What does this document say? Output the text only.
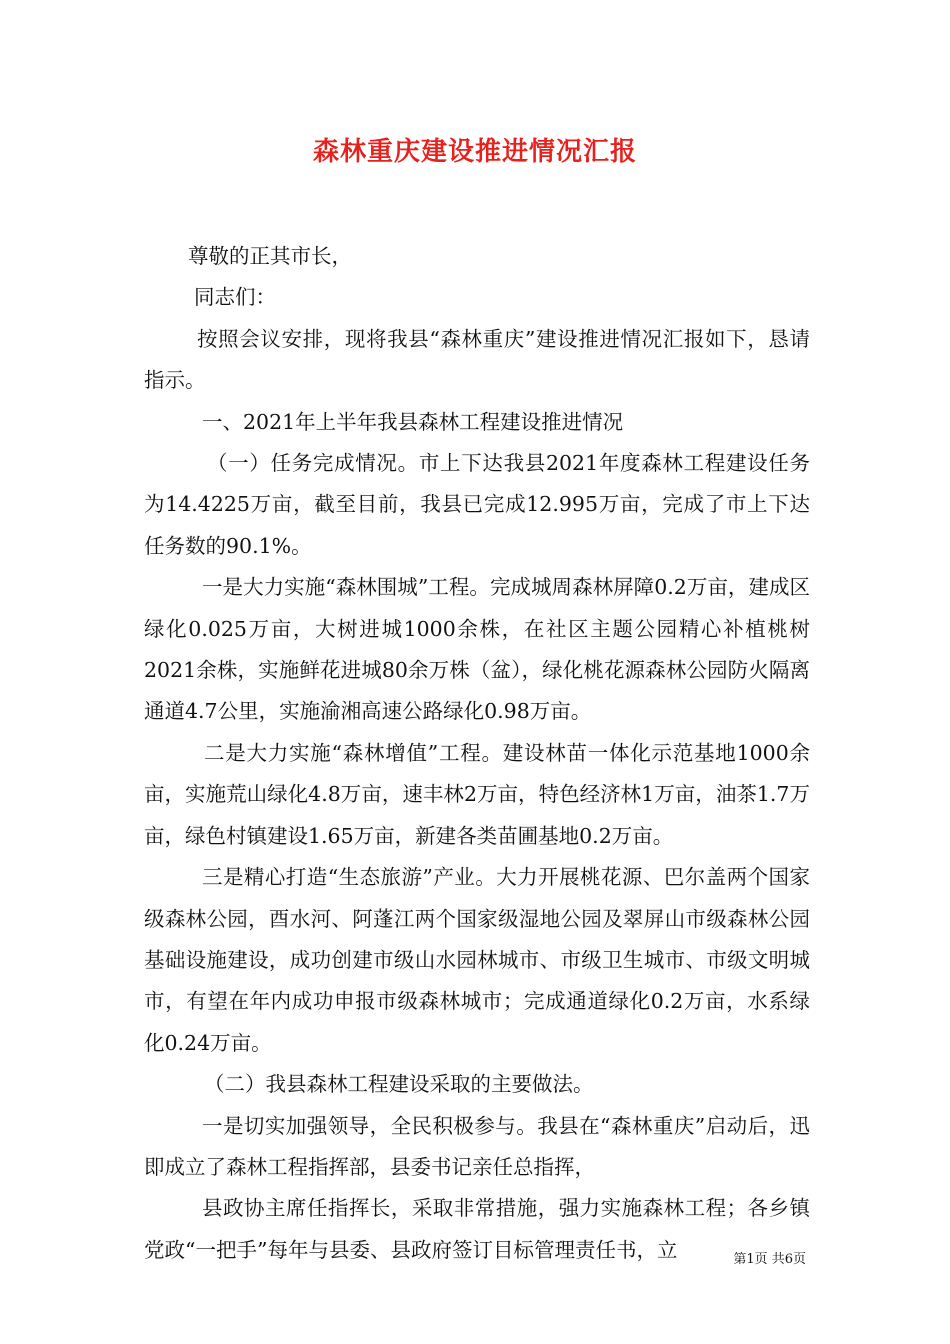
森林重庆建设推进情况汇报

尊敬的正其市长，

同志们：

按照会议安排，现将我县“森林重庆”建设推进情况汇报如下，恳请指示。

一、2021年上半年我县森林工程建设推进情况

（一）任务完成情况。市上下达我县2021年度森林工程建设任务为14.4225万亩，截至目前，我县已完成12.995万亩，完成了市上下达任务数的90.1%。

一是大力实施“森林围城”工程。完成城周森林屏障0.2万亩，建成区绿化0.025万亩，大树进城1000余株，在社区主题公园精心补植桃树2021余株，实施鲜花进城80余万株（盆），绿化桃花源森林公园防火隔离通道4.7公里，实施渝湘高速公路绿化0.98万亩。

二是大力实施“森林增值”工程。建设林苗一体化示范基地1000余亩，实施荒山绿化4.8万亩，速丰林2万亩，特色经济林1万亩，油茶1.7万亩，绿色村镇建设1.65万亩，新建各类苗圃基地0.2万亩。

三是精心打造“生态旅游”产业。大力开展桃花源、巴尔盖两个国家级森林公园，酉水河、阿蓬江两个国家级湿地公园及翠屏山市级森林公园基础设施建设，成功创建市级山水园林城市、市级卫生城市、市级文明城市，有望在年内成功申报市级森林城市；完成通道绿化0.2万亩，水系绿化0.24万亩。

（二）我县森林工程建设采取的主要做法。

一是切实加强领导，全民积极参与。我县在“森林重庆”启动后，迅即成立了森林工程指挥部，县委书记亲任总指挥，

县政协主席任指挥长，采取非常措施，强力实施森林工程；各乡镇党政“一把手”每年与县委、县政府签订目标管理责任书，立	第1页 共6页
